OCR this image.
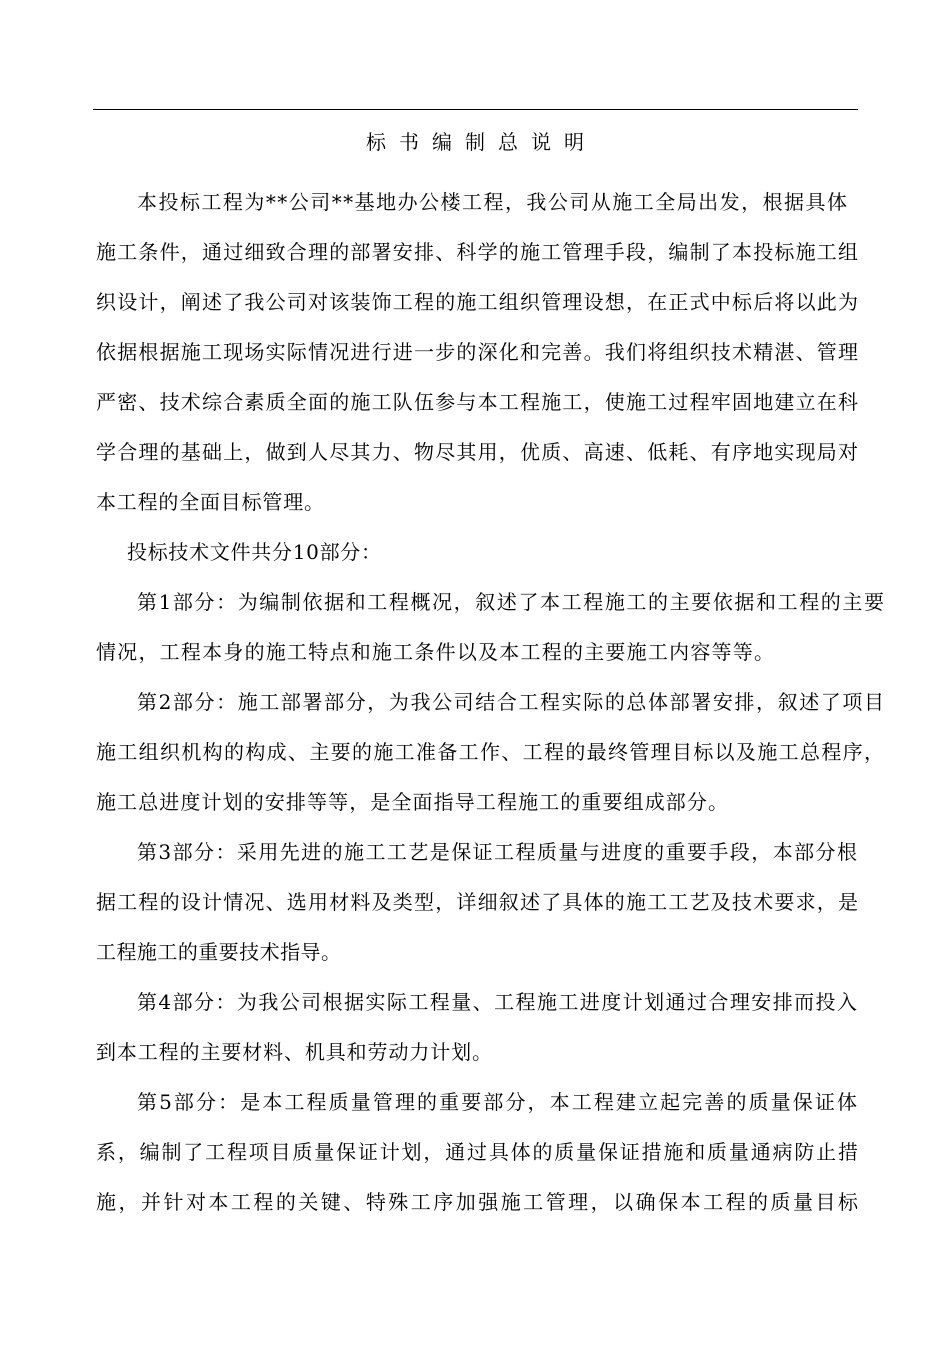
标书编制总说明
本投标工程为**公司**基地办公楼工程，我公司从施工全局出发，根据具体
施工条件，通过细致合理的部署安排、科学的施工管理手段，编制了本投标施工组
织设计，阐述了我公司对该装饰工程的施工组织管理设想，在正式中标后将以此为
依据根据施工现场实际情况进行进一步的深化和完善。我们将组织技术精湛、管理
严密、技术综合素质全面的施工队伍参与本工程施工，使施工过程牢固地建立在科
学合理的基础上，做到人尽其力、物尽其用，优质、高速、低耗、有序地实现局对
本工程的全面目标管理。
投标技术文件共分10部分：
第1部分：为编制依据和工程概况，叙述了本工程施工的主要依据和工程的主要
情况，工程本身的施工特点和施工条件以及本工程的主要施工内容等等。
第2部分：施工部署部分，为我公司结合工程实际的总体部署安排，叙述了项目
施工组织机构的构成、主要的施工准备工作、工程的最终管理目标以及施工总程序，
施工总进度计划的安排等等，是全面指导工程施工的重要组成部分。
第3部分：采用先进的施工工艺是保证工程质量与进度的重要手段，本部分根
据工程的设计情况、选用材料及类型，详细叙述了具体的施工工艺及技术要求，是
工程施工的重要技术指导。
第4部分：为我公司根据实际工程量、工程施工进度计划通过合理安排而投入
到本工程的主要材料、机具和劳动力计划。
第5部分：是本工程质量管理的重要部分，本工程建立起完善的质量保证体
系，编制了工程项目质量保证计划，通过具体的质量保证措施和质量通病防止措
施，并针对本工程的关键、特殊工序加强施工管理，以确保本工程的质量目标
